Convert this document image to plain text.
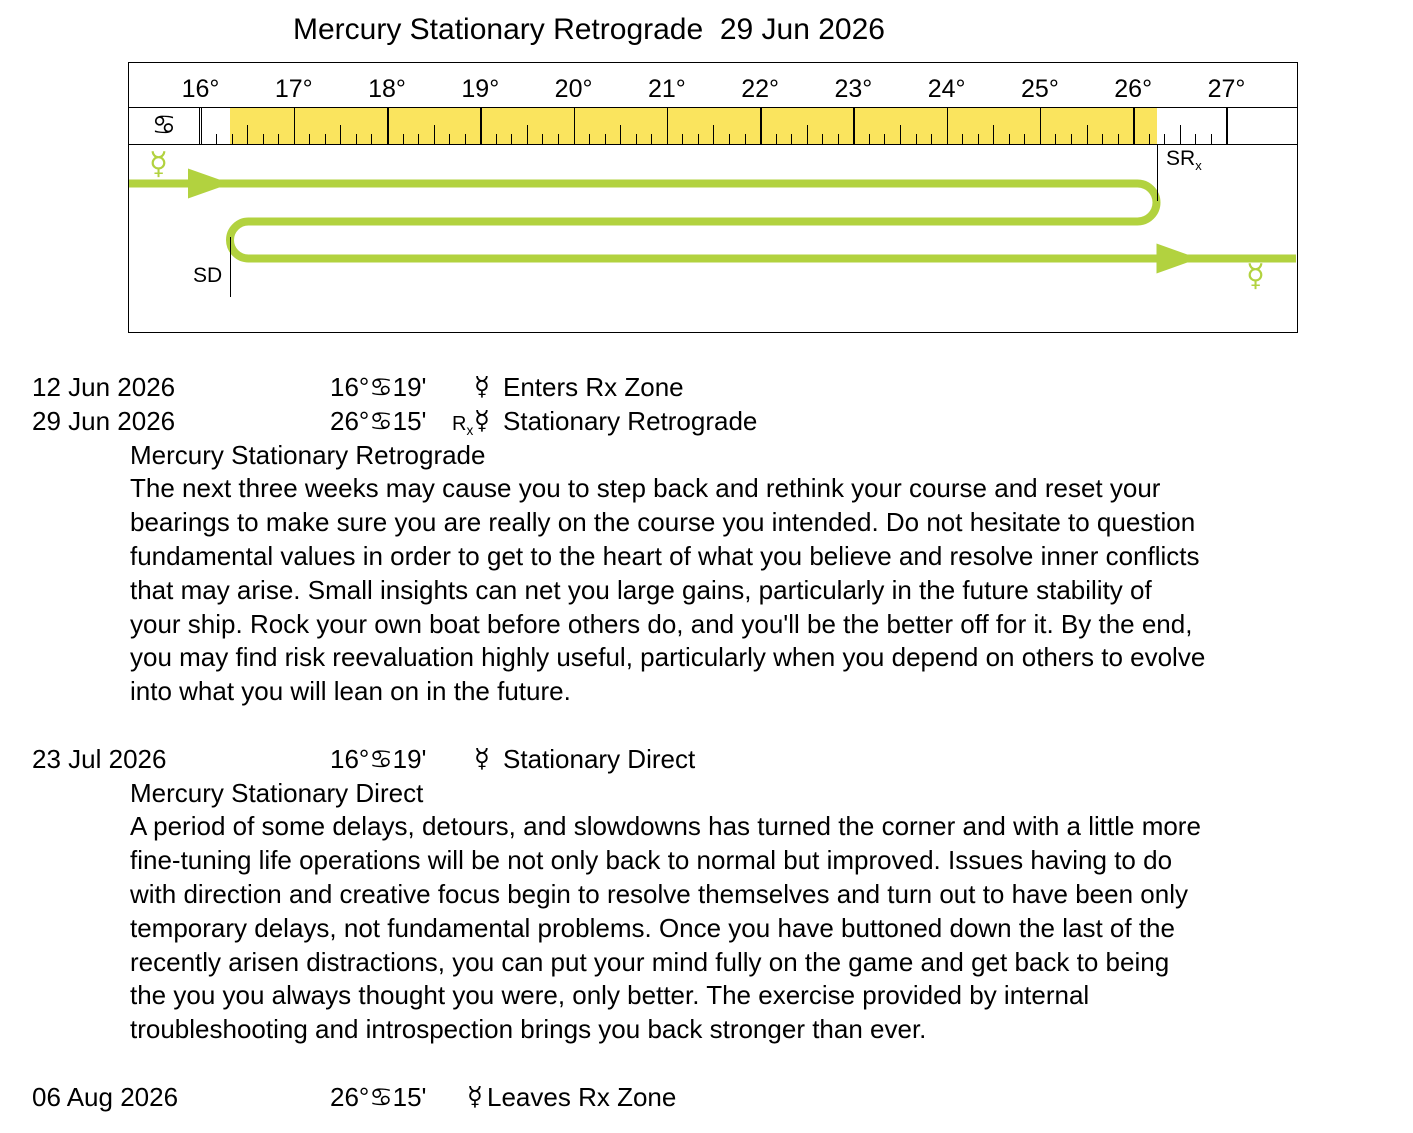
Mercury Stationary Retrograde  29 Jun 2026
16°	17°	18°	19°	20°	21°	22°	23°	24°	25°	26°	27°
♋
$SR_x$
SD
☿
☿
12 Jun 2026	16°♋19' ☿ Enters Rx Zone
29 Jun 2026	26°♋15' $R_x$ ☿ Stationary Retrograde
Mercury Stationary Retrograde
The next three weeks may cause you to step back and rethink your course and reset your
bearings to make sure you are really on the course you intended. Do not hesitate to question
fundamental values in order to get to the heart of what you believe and resolve inner conflicts
that may arise. Small insights can net you large gains, particularly in the future stability of
your ship. Rock your own boat before others do, and you'll be the better off for it. By the end,
you may find risk reevaluation highly useful, particularly when you depend on others to evolve
into what you will lean on in the future.
23 Jul 2026	16°♋19' ☿ Stationary Direct
Mercury Stationary Direct
A period of some delays, detours, and slowdowns has turned the corner and with a little more
fine-tuning life operations will be not only back to normal but improved. Issues having to do
with direction and creative focus begin to resolve themselves and turn out to have been only
temporary delays, not fundamental problems. Once you have buttoned down the last of the
recently arisen distractions, you can put your mind fully on the game and get back to being
the you you always thought you were, only better. The exercise provided by internal
troubleshooting and introspection brings you back stronger than ever.
06 Aug 2026	26°♋15' ☿ Leaves Rx Zone
